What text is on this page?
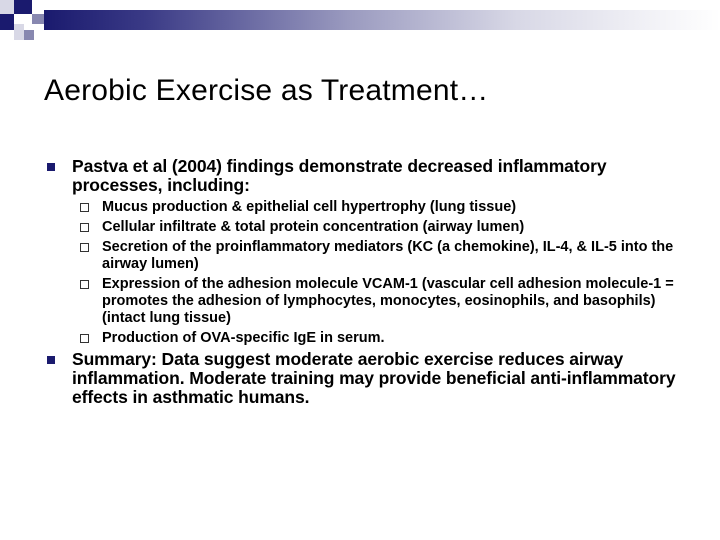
Aerobic Exercise as Treatment…
Pastva et al (2004) findings demonstrate decreased inflammatory processes, including:
Mucus production & epithelial cell hypertrophy (lung tissue)
Cellular infiltrate & total protein concentration (airway lumen)
Secretion of the proinflammatory mediators (KC (a chemokine), IL-4, & IL-5 into the airway lumen)
Expression of the adhesion molecule VCAM-1 (vascular cell adhesion molecule-1 = promotes the adhesion of lymphocytes, monocytes, eosinophils, and basophils) (intact lung tissue)
Production of OVA-specific IgE in serum.
Summary: Data suggest moderate aerobic exercise reduces airway inflammation. Moderate training may provide beneficial anti-inflammatory effects in asthmatic humans.
